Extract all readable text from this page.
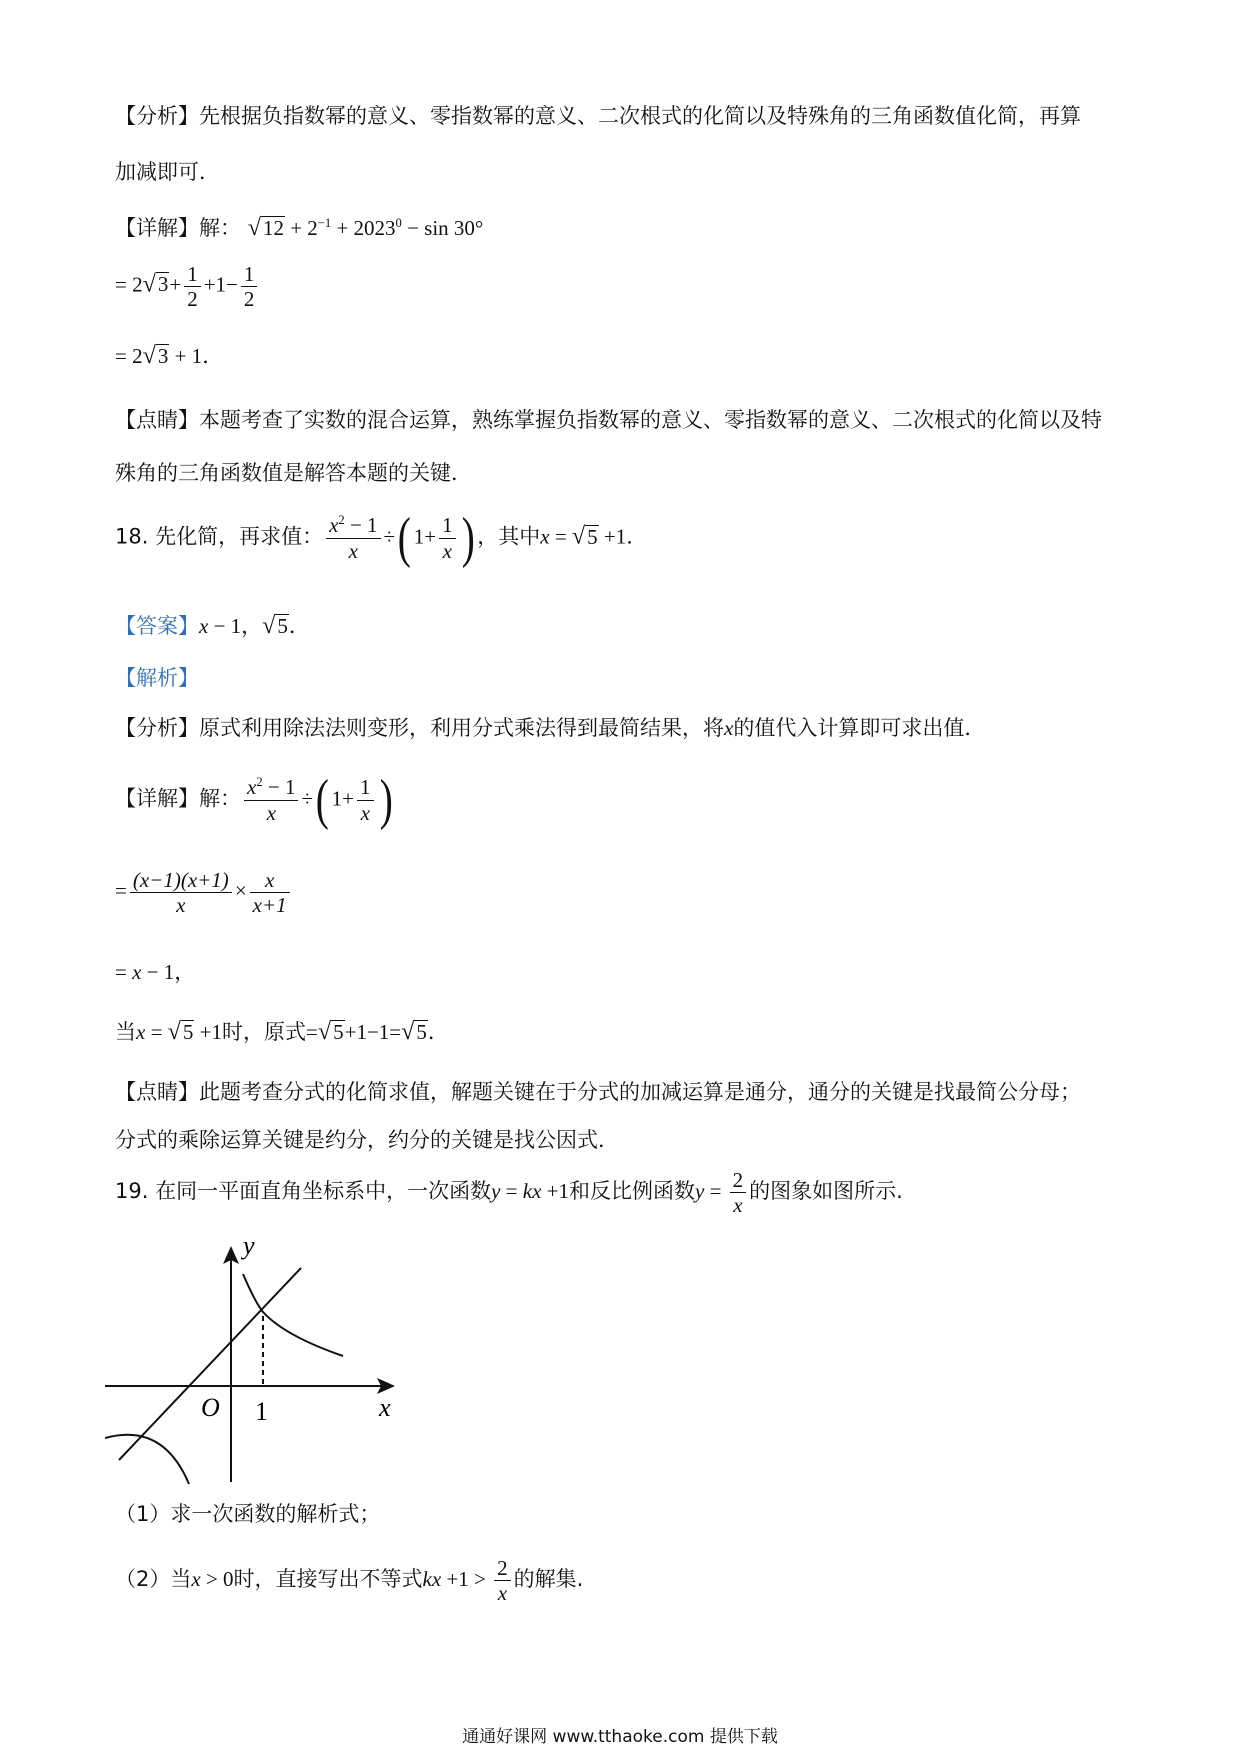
【分析】先根据负指数幂的意义、零指数幂的意义、二次根式的化简以及特殊角的三角函数值化简，再算
加减即可．
【详解】解： $√12 + 2^{-1} + 2023^0 - \sin 30^\circ$
= $2√3+ \frac{1}{2} +1- \frac{1}{2}$
= 2√3 + 1．
【点睛】本题考查了实数的混合运算，熟练掌握负指数幂的意义、零指数幂的意义、二次根式的化简以及特
殊角的三角函数值是解答本题的关键．
18. 先化简，再求值： $\frac{x^2 - 1}{x}$ ÷( $1+ \frac{1}{x}$ ) ，其中x = √5 +1．
【答案】x − 1，√5．
【解析】
【分析】原式利用除法法则变形，利用分式乘法得到最简结果，将x的值代入计算即可求出值．
【详解】解： $\frac{x^2 - 1}{x}$ ÷( $1+ \frac{1}{x}$ )
= $\frac{(x-1)(x+1)}{x} \times \frac{x}{x+1}$
= x − 1，
当x = √5 +1时，原式=√5+1−1=√5．
【点睛】此题考查分式的化简求值，解题关键在于分式的加减运算是通分，通分的关键是找最简公分母；
分式的乘除运算关键是约分，约分的关键是找公因式．
19. 在同一平面直角坐标系中，一次函数y = kx +1和反比例函数$y = \frac{2}{x}$ 的图象如图所示.
y
x
O 1
（1）求一次函数的解析式；
（2）当x > 0时，直接写出不等式kx $+1 > \frac{2}{x}$ 的解集.
通通好课网 www.tthaoke.com 提供下载
